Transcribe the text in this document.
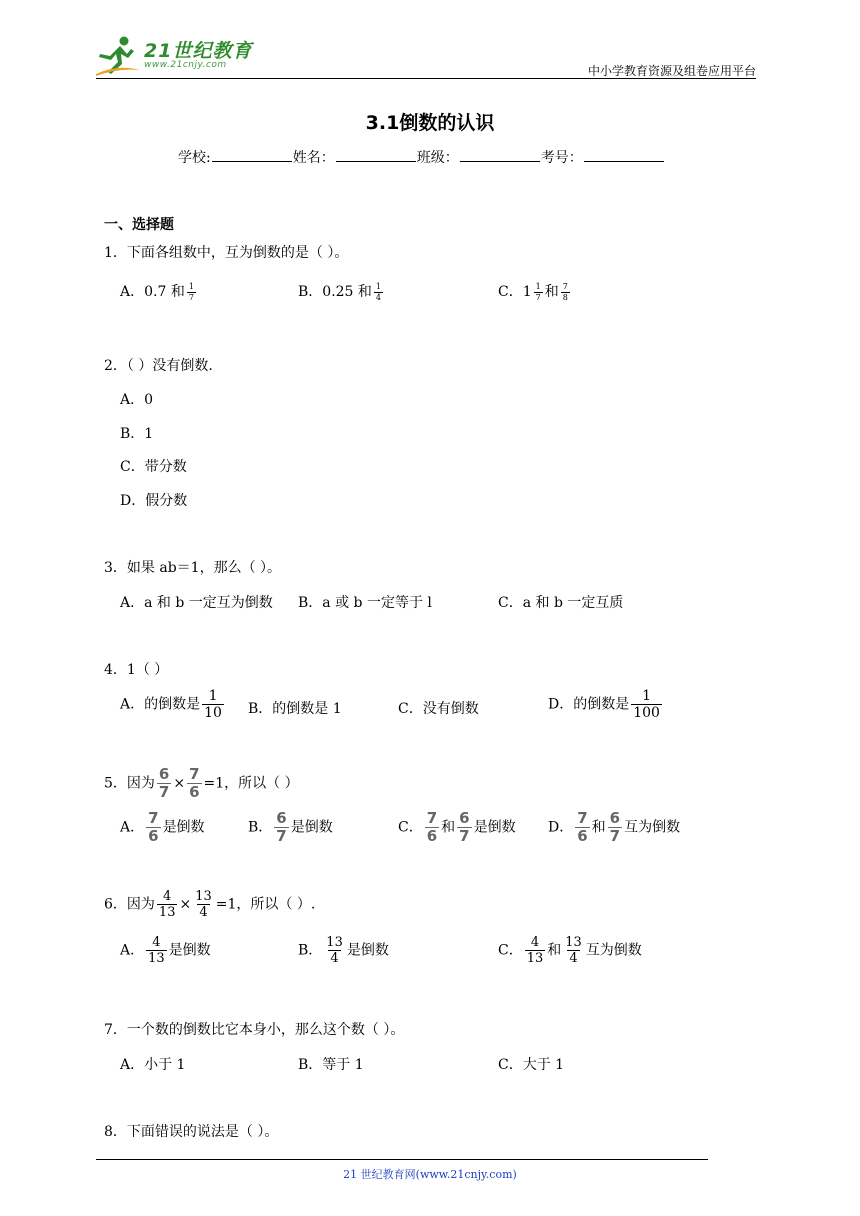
21世纪教育
www.21cnjy.com	中小学教育资源及组卷应用平台
3.1倒数的认识
学校:	姓名：	班级：	考号：
一、选择题
1．下面各组数中，互为倒数的是（ ）。
A．0.7 和 $\frac{1}{7}$	B．0.25 和 $\frac{1}{4}$	C．$1 \frac{1}{7}$ 和 $\frac{7}{8}$
2．（ ）没有倒数.
A．0
B．1
C．带分数
D．假分数
3．如果 ab＝1，那么（ ）。
A．a 和 b 一定互为倒数 B．a 或 b 一定等于 l	C．a 和 b 一定互质
4．1（ ）
A．的倒数是 $\frac{1}{10}$ B．的倒数是 1	C．没有倒数	D．的倒数是 $\frac{1}{100}$
5．因为 $\frac{6}{7} \times \frac{7}{6} =1$，所以（ ）
A． $\frac{7}{6}$ 是倒数	B． $\frac{6}{7}$ 是倒数	C． $\frac{7}{6}$ 和 $\frac{6}{7}$ 是倒数 D． $\frac{7}{6}$ 和 $\frac{6}{7}$ 互为倒数
6．因为 $\frac{4}{13} \times \frac{13}{4} =1$，所以（ ）.
A． $\frac{4}{13}$ 是倒数	B． $\frac{13}{4}$ 是倒数	C． $\frac{4}{13}$ 和 $\frac{13}{4}$ 互为倒数
7．一个数的倒数比它本身小，那么这个数（ ）。
A．小于 1	B．等于 1	C．大于 1
8．下面错误的说法是（ ）。
21 世纪教育网(www.21cnjy.com)
